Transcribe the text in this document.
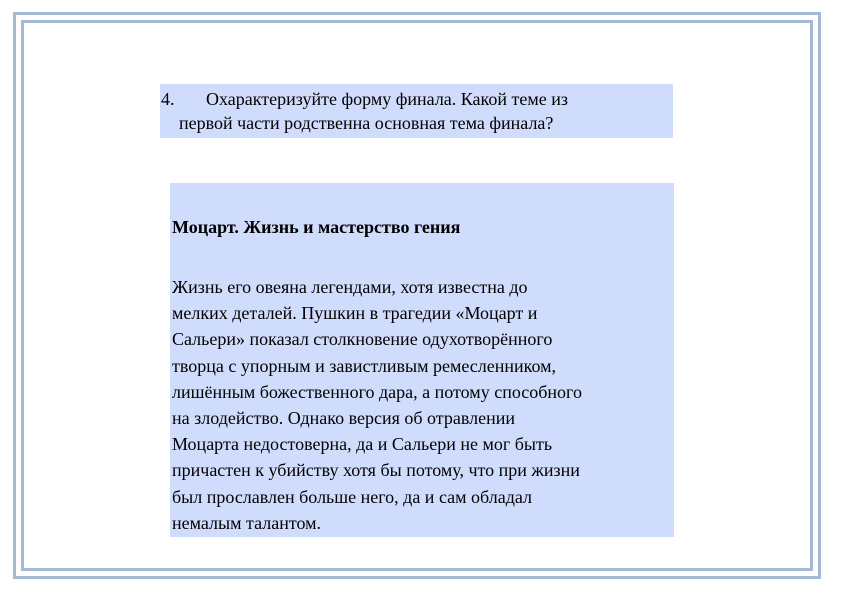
4. Охарактеризуйте форму финала. Какой теме из
первой части родственна основная тема финала?
Моцарт. Жизнь и мастерство гения
Жизнь его овеяна легендами, хотя известна до
мелких деталей. Пушкин в трагедии «Моцарт и
Сальери» показал столкновение одухотворённого
творца с упорным и завистливым ремесленником,
лишённым божественного дара, а потому способного
на злодейство. Однако версия об отравлении
Моцарта недостоверна, да и Сальери не мог быть
причастен к убийству хотя бы потому, что при жизни
был прославлен больше него, да и сам обладал
немалым талантом.
